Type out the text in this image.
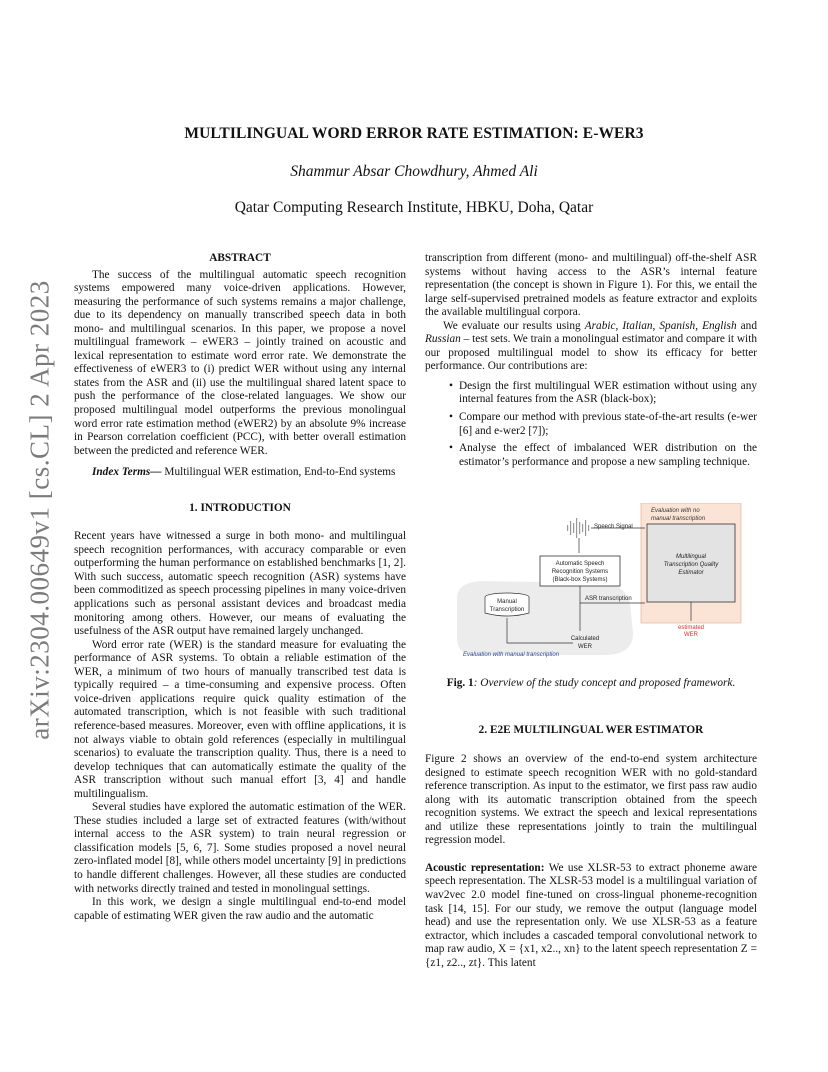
arXiv:2304.00649v1 [cs.CL] 2 Apr 2023
MULTILINGUAL WORD ERROR RATE ESTIMATION: E-WER3
Shammur Absar Chowdhury, Ahmed Ali
Qatar Computing Research Institute, HBKU, Doha, Qatar
ABSTRACT

The success of the multilingual automatic speech recognition systems empowered many voice-driven applications. However, measuring the performance of such systems remains a major challenge, due to its dependency on manually transcribed speech data in both mono- and multilingual scenarios. In this paper, we propose a novel multilingual framework – eWER3 – jointly trained on acoustic and lexical representation to estimate word error rate. We demonstrate the effectiveness of eWER3 to (i) predict WER without using any internal states from the ASR and (ii) use the multilingual shared latent space to push the performance of the close-related languages. We show our proposed multilingual model outperforms the previous monolingual word error rate estimation method (eWER2) by an absolute 9% increase in Pearson correlation coefficient (PCC), with better overall estimation between the predicted and reference WER.

Index Terms— Multilingual WER estimation, End-to-End systems

1. INTRODUCTION

Recent years have witnessed a surge in both mono- and multilingual speech recognition performances, with accuracy comparable or even outperforming the human performance on established benchmarks [1, 2]. With such success, automatic speech recognition (ASR) systems have been commoditized as speech processing pipelines in many voice-driven applications such as personal assistant devices and broadcast media monitoring among others. However, our means of evaluating the usefulness of the ASR output have remained largely unchanged.

Word error rate (WER) is the standard measure for evaluating the performance of ASR systems. To obtain a reliable estimation of the WER, a minimum of two hours of manually transcribed test data is typically required – a time-consuming and expensive process. Often voice-driven applications require quick quality estimation of the automated transcription, which is not feasible with such traditional reference-based measures. Moreover, even with offline applications, it is not always viable to obtain gold references (especially in multilingual scenarios) to evaluate the transcription quality. Thus, there is a need to develop techniques that can automatically estimate the quality of the ASR transcription without such manual effort [3, 4] and handle multilingualism.

Several studies have explored the automatic estimation of the WER. These studies included a large set of extracted features (with/without internal access to the ASR system) to train neural regression or classification models [5, 6, 7]. Some studies proposed a novel neural zero-inflated model [8], while others model uncertainty [9] in predictions to handle different challenges. However, all these studies are conducted with networks directly trained and tested in monolingual settings.

In this work, we design a single multilingual end-to-end model capable of estimating WER given the raw audio and the automatic

transcription from different (mono- and multilingual) off-the-shelf ASR systems without having access to the ASR’s internal feature representation (the concept is shown in Figure 1). For this, we entail the large self-supervised pretrained models as feature extractor and exploits the available multilingual corpora.

We evaluate our results using Arabic, Italian, Spanish, English and Russian – test sets. We train a monolingual estimator and compare it with our proposed multilingual model to show its efficacy for better performance. Our contributions are:

• Design the first multilingual WER estimation without using any internal features from the ASR (black-box);
• Compare our method with previous state-of-the-art results (e-wer [6] and e-wer2 [7]);
• Analyse the effect of imbalanced WER distribution on the estimator’s performance and propose a new sampling technique.
Evaluation with no
manual transcription
Multilingual
Transcription Quality
Estimator
Speech Signal
Automatic Speech
Recognition Systems
(Black-box Systems)
ASR transcription
Manual
Transcription
Calculated
WER
estimated
WER
Evaluation with manual transcription

Fig. 1: Overview of the study concept and proposed framework.

2. E2E MULTILINGUAL WER ESTIMATOR

Figure 2 shows an overview of the end-to-end system architecture designed to estimate speech recognition WER with no gold-standard reference transcription. As input to the estimator, we first pass raw audio along with its automatic transcription obtained from the speech recognition systems. We extract the speech and lexical representations and utilize these representations jointly to train the multilingual regression model.

Acoustic representation: We use XLSR-53 to extract phoneme aware speech representation. The XLSR-53 model is a multilingual variation of wav2vec 2.0 model fine-tuned on cross-lingual phoneme-recognition task [14, 15]. For our study, we remove the output (language model head) and use the representation only. We use XLSR-53 as a feature extractor, which includes a cascaded temporal convolutional network to map raw audio, X = {x1, x2.., xn} to the latent speech representation Z = {z1, z2.., zt}. This latent
